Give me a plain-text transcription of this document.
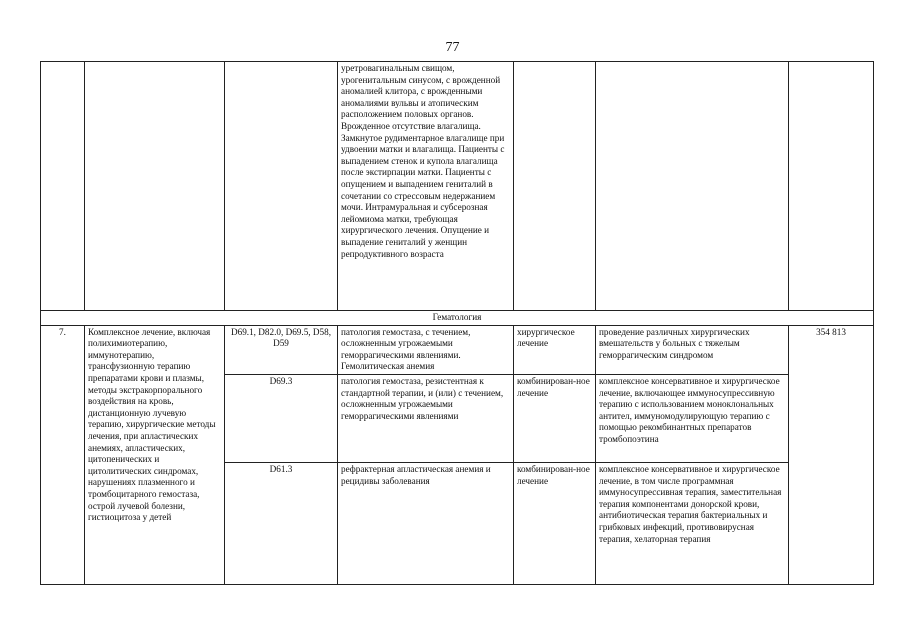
77
			уретровагинальным свищом, урогенитальным синусом, с врожденной аномалией клитора, с врожденными аномалиями вульвы и атопическим расположением половых органов. Врожденное отсутствие влагалища. Замкнутое рудиментарное влагалище при удвоении матки и влагалища. Пациенты с выпадением стенок и купола влагалища после экстирпации матки. Пациенты с опущением и выпадением гениталий в сочетании со стрессовым недержанием мочи. Интрамуральная и субсерозная лейомиома матки, требующая хирургического лечения. Опущение и выпадение гениталий у женщин репродуктивного возраста			
Гематология						
7.	Комплексное лечение, включая полихимиотерапию, иммунотерапию, трансфузионную терапию препаратами крови и плазмы, методы экстракорпорального воздействия на кровь, дистанционную лучевую терапию, хирургические методы лечения, при апластических анемиях, апластических, цитопенических и цитолитических синдромах, нарушениях плазменного и тромбоцитарного гемостаза, острой лучевой болезни, гистиоцитоза у детей	D69.1, D82.0, D69.5, D58, D59	патология гемостаза, с течением, осложненным угрожаемыми геморрагическими явлениями. Гемолитическая анемия	хирургическое лечение	проведение различных хирургических вмешательств у больных с тяжелым геморрагическим синдромом	354 813
		D69.3	патология гемостаза, резистентная к стандартной терапии, и (или) с течением, осложненным угрожаемыми геморрагическими явлениями	комбинирован-ное лечение	комплексное консервативное и хирургическое лечение, включающее иммуносупрессивную терапию с использованием моноклональных антител, иммуномодулирующую терапию с помощью рекомбинантных препаратов тромбопоэтина	
		D61.3	рефрактерная апластическая анемия и рецидивы заболевания	комбинирован-ное лечение	комплексное консервативное и хирургическое лечение, в том числе программная иммуносупрессивная терапия, заместительная терапия компонентами донорской крови, антибиотическая терапия бактериальных и грибковых инфекций, противовирусная терапия, хелаторная терапия	
